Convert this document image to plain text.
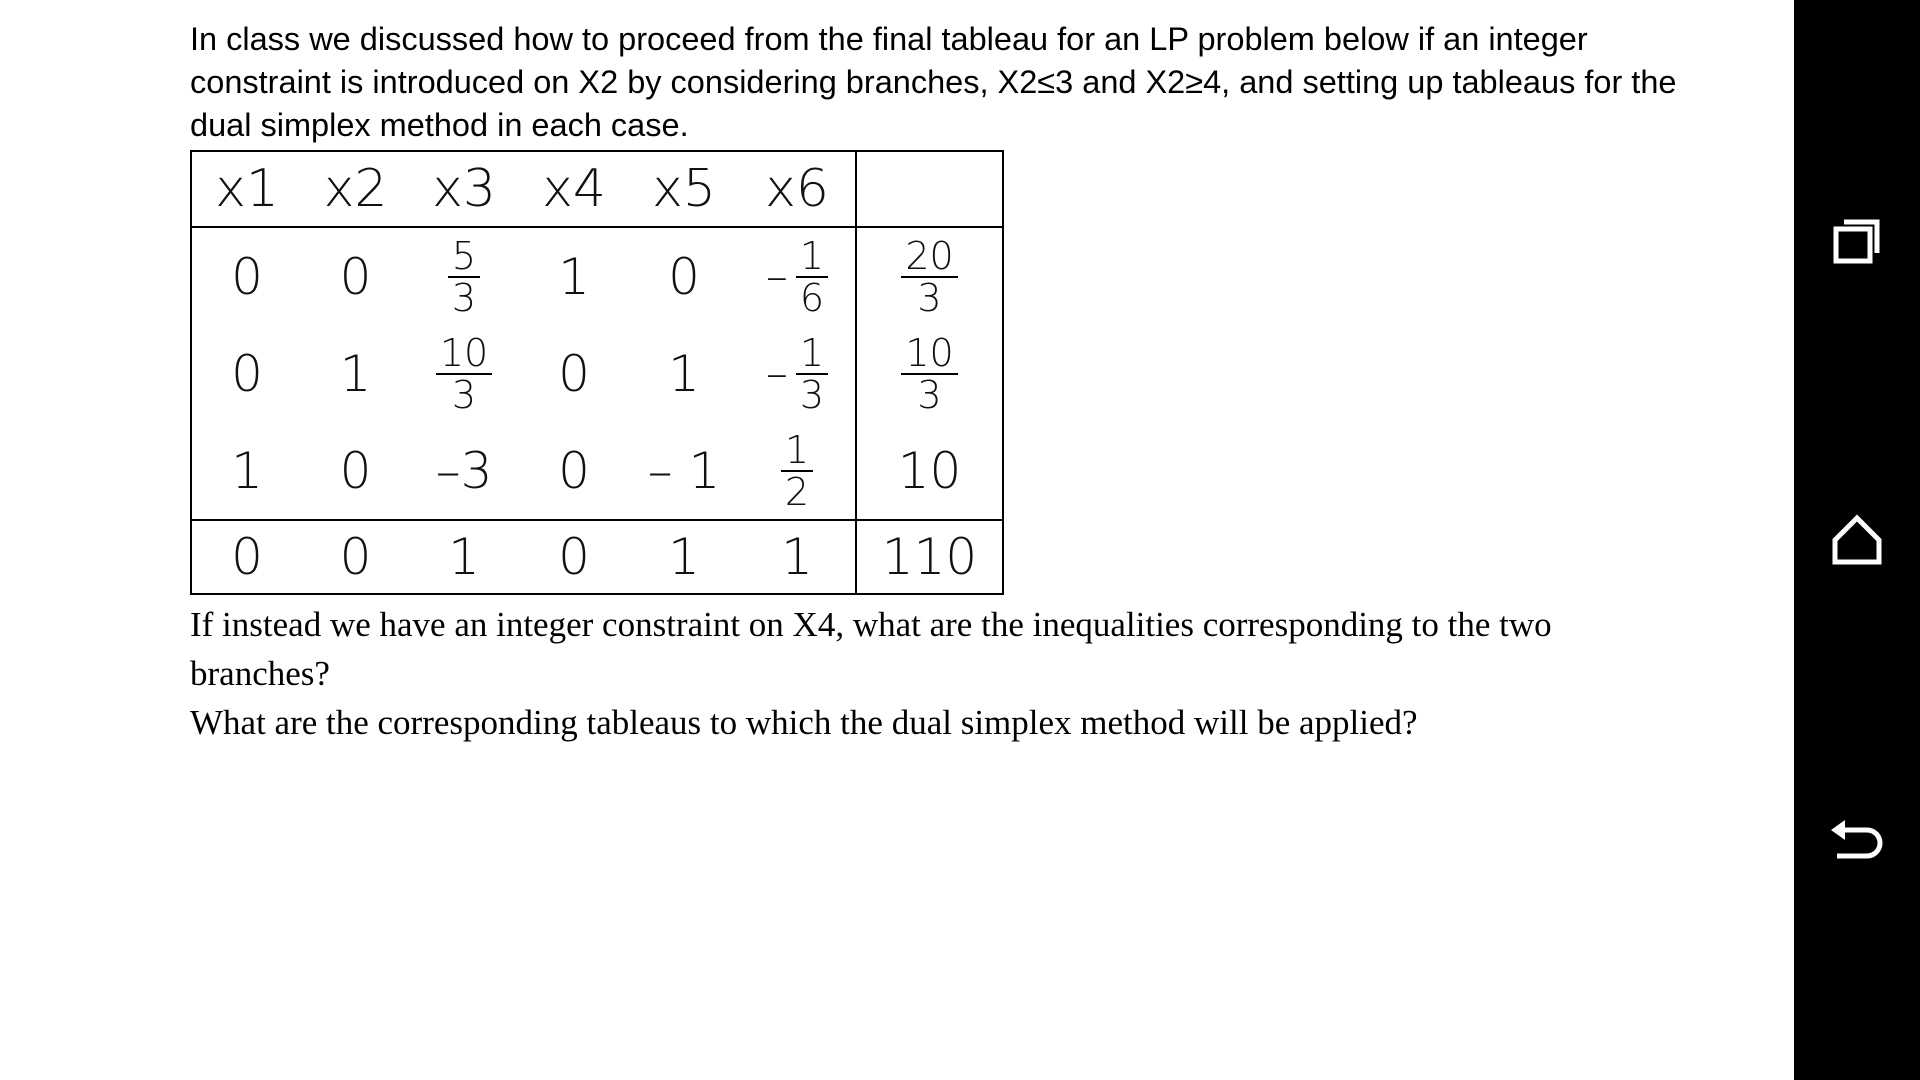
In class we discussed how to proceed from the final tableau for an LP problem below if an integer
constraint is introduced on X2 by considering branches, X2≤3 and X2≥4, and setting up tableaus for the
dual simplex method in each case.

x1	x2	x3	x4	x5	x6	
0	0	$\frac{5}{3}$	1	0	– $\frac{1}{6}$	$\frac{20}{3}$

0	1	$\frac{10}{3}$	0	1	– $\frac{1}{3}$	$\frac{10}{3}$

1	0	–3	0	– 1	$\frac{1}{2}$	10
0	0	1	0	1	1	110

If instead we have an integer constraint on X4, what are the inequalities corresponding to the two
branches?
What are the corresponding tableaus to which the dual simplex method will be applied?
